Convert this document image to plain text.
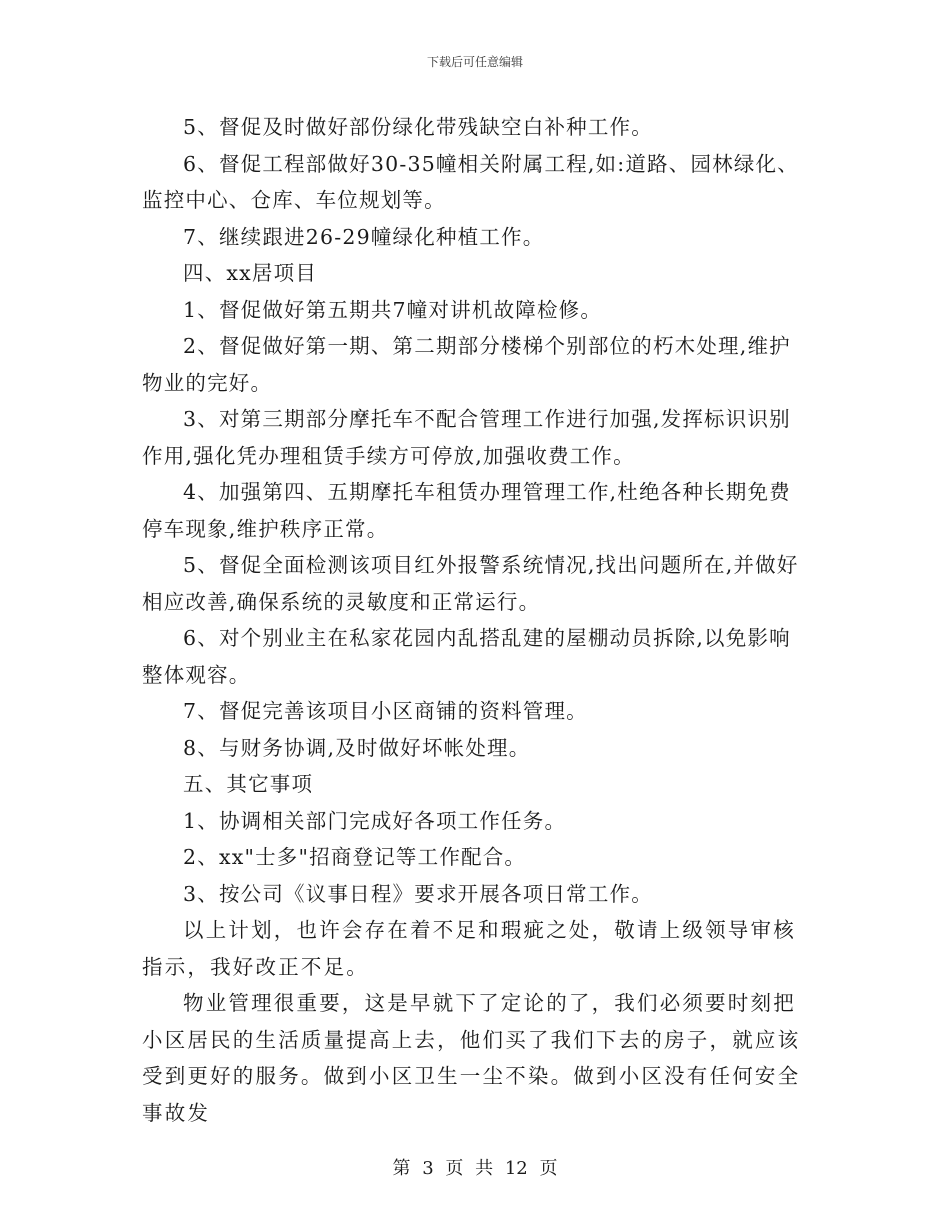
下载后可任意编辑

5、督促及时做好部份绿化带残缺空白补种工作。

6、督促工程部做好30-35幢相关附属工程,如:道路、园林绿化、监控中心、仓库、车位规划等。

7、继续跟进26-29幢绿化种植工作。

四、xx居项目

1、督促做好第五期共7幢对讲机故障检修。

2、督促做好第一期、第二期部分楼梯个别部位的朽木处理,维护物业的完好。

3、对第三期部分摩托车不配合管理工作进行加强,发挥标识识别作用,强化凭办理租赁手续方可停放,加强收费工作。

4、加强第四、五期摩托车租赁办理管理工作,杜绝各种长期免费停车现象,维护秩序正常。

5、督促全面检测该项目红外报警系统情况,找出问题所在,并做好相应改善,确保系统的灵敏度和正常运行。

6、对个别业主在私家花园内乱搭乱建的屋棚动员拆除,以免影响整体观容。

7、督促完善该项目小区商铺的资料管理。

8、与财务协调,及时做好坏帐处理。

五、其它事项

1、协调相关部门完成好各项工作任务。

2、xx"士多"招商登记等工作配合。

3、按公司《议事日程》要求开展各项日常工作。

以上计划，也许会存在着不足和瑕疵之处，敬请上级领导审核指示，我好改正不足。

物业管理很重要，这是早就下了定论的了，我们必须要时刻把小区居民的生活质量提高上去，他们买了我们下去的房子，就应该受到更好的服务。做到小区卫生一尘不染。做到小区没有任何安全事故发

第 3 页 共 12 页
